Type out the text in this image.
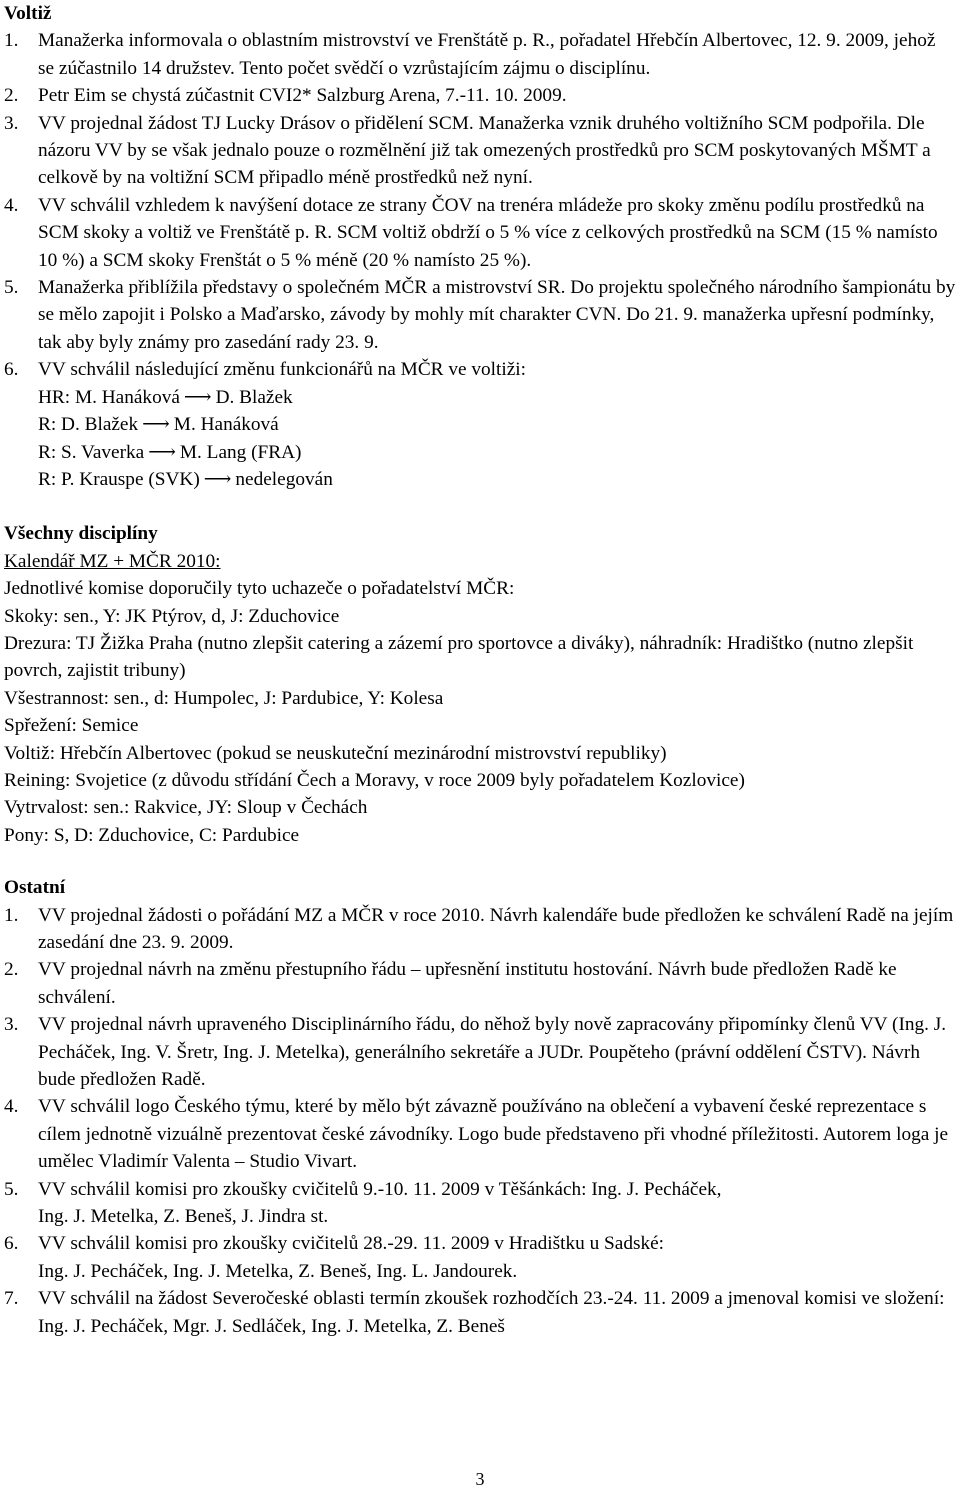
Voltiž
1.	Manažerka informovala o oblastním mistrovství ve Frenštátě p. R., pořadatel Hřebčín Albertovec, 12. 9. 2009, jehož se zúčastnilo 14 družstev. Tento počet svědčí o vzrůstajícím zájmu o disciplínu.
2.	Petr Eim se chystá zúčastnit CVI2* Salzburg Arena, 7.-11. 10. 2009.
3.	VV projednal žádost TJ Lucky Drásov o přidělení SCM. Manažerka vznik druhého voltižního SCM podpořila. Dle názoru VV by se však jednalo pouze o rozmělnění již tak omezených prostředků pro SCM poskytovaných MŠMT a celkově by na voltižní SCM připadlo méně prostředků než nyní.
4.	VV schválil vzhledem k navýšení dotace ze strany ČOV na trenéra mládeže pro skoky změnu podílu prostředků na SCM skoky a voltiž ve Frenštátě p. R. SCM voltiž obdrží o 5 % více z celkových prostředků na SCM (15 % namísto 10 %) a SCM skoky Frenštát o 5 % méně (20 % namísto 25 %).
5.	Manažerka přiblížila představy o společném MČR a mistrovství SR. Do projektu společného národního šampionátu by se mělo zapojit i Polsko a Maďarsko, závody by mohly mít charakter CVN. Do 21. 9. manažerka upřesní podmínky, tak aby byly známy pro zasedání rady 23. 9.
6.	VV schválil následující změnu funkcionářů na MČR ve voltiži:
HR: M. Hanáková ⟶ D. Blažek
R: D. Blažek ⟶ M. Hanáková
R: S. Vaverka ⟶ M. Lang (FRA)
R: P. Krauspe (SVK) ⟶ nedelegován
Všechny disciplíny
Kalendář MZ + MČR 2010:
Jednotlivé komise doporučily tyto uchazeče o pořadatelství MČR:
Skoky: sen., Y: JK Ptýrov, d, J: Zduchovice
Drezura: TJ Žižka Praha (nutno zlepšit catering a zázemí pro sportovce a diváky), náhradník: Hradištko (nutno zlepšit povrch, zajistit tribuny)
Všestrannost: sen., d: Humpolec, J: Pardubice, Y: Kolesa
Spřežení: Semice
Voltiž: Hřebčín Albertovec (pokud se neuskuteční mezinárodní mistrovství republiky)
Reining: Svojetice (z důvodu střídání Čech a Moravy, v roce 2009 byly pořadatelem Kozlovice)
Vytrvalost: sen.: Rakvice, JY: Sloup v Čechách
Pony: S, D: Zduchovice, C: Pardubice
Ostatní
1.	VV projednal žádosti o pořádání MZ a MČR v roce 2010. Návrh kalendáře bude předložen ke schválení Radě na jejím zasedání dne 23. 9. 2009.
2.	VV projednal návrh na změnu přestupního řádu – upřesnění institutu hostování. Návrh bude předložen Radě ke schválení.
3.	VV projednal návrh upraveného Disciplinárního řádu, do něhož byly nově zapracovány připomínky členů VV (Ing. J. Pecháček, Ing. V. Šretr, Ing. J. Metelka), generálního sekretáře a JUDr. Poupěteho (právní oddělení ČSTV). Návrh bude předložen Radě.
4.	VV schválil logo Českého týmu, které by mělo být závazně používáno na oblečení a vybavení české reprezentace s cílem jednotně vizuálně prezentovat české závodníky. Logo bude představeno při vhodné příležitosti. Autorem loga je umělec Vladimír Valenta – Studio Vivart.
5.	VV schválil komisi pro zkoušky cvičitelů 9.-10. 11. 2009 v Těšánkách: Ing. J. Pecháček,
Ing. J. Metelka, Z. Beneš, J. Jindra st.
6.	VV schválil komisi pro zkoušky cvičitelů 28.-29. 11. 2009 v Hradištku u Sadské:
Ing. J. Pecháček, Ing. J. Metelka, Z. Beneš, Ing. L. Jandourek.
7.	VV schválil na žádost Severočeské oblasti termín zkoušek rozhodčích 23.-24. 11. 2009 a jmenoval komisi ve složení: Ing. J. Pecháček, Mgr. J. Sedláček, Ing. J. Metelka, Z. Beneš
3
